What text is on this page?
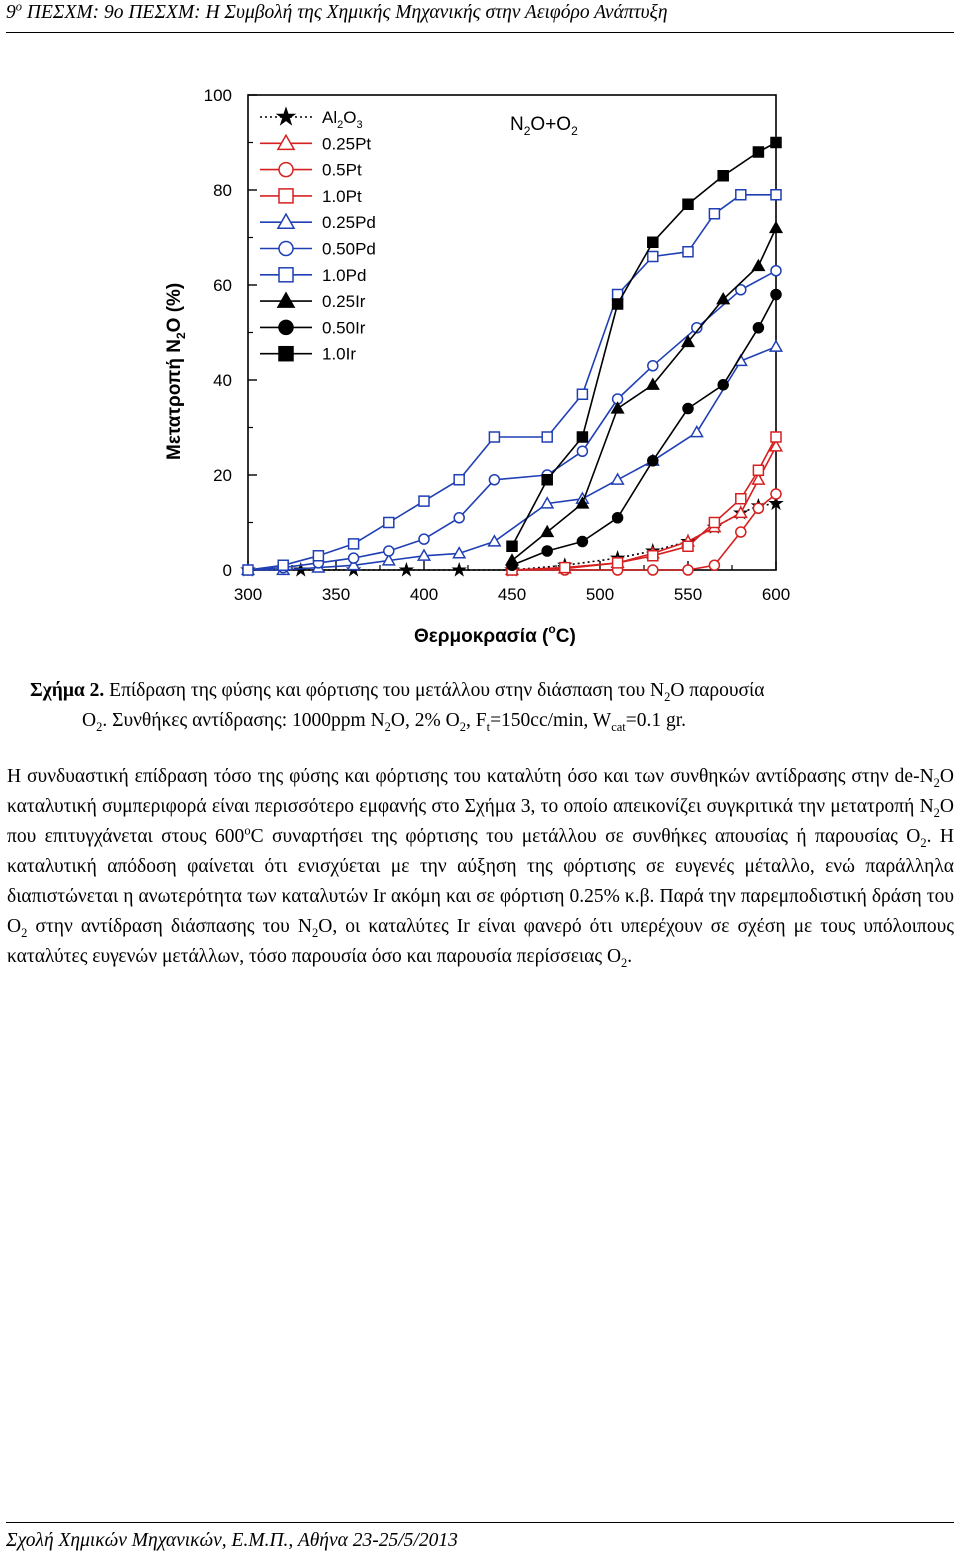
$9^o$ ΠΕΣΧΜ: 9ο ΠΕΣΧΜ: Η Συμβολή της Χημικής Μηχανικής στην Αειφόρο Ανάπτυξη
300	350	400	450	500	550	600
0
20
40
60
80
100
$Al_2O_3$
0.25Pt
0.5Pt
1.0Pt
0.25Pd
0.50Pd
1.0Pd
0.25Ir
0.50Ir
1.0Ir
$N_2O+O_2$
Θερμοκρασία ($^o$C)
Μετατροπή $N_2O$ (%)
Σχήμα 2. Επίδραση της φύσης και φόρτισης του μετάλλου στην διάσπαση του $N_2O$ παρουσία
$O_2$. Συνθήκες αντίδρασης: 1000ppm $N_2O$, 2% $O_2$, $F_t=150cc/\min$, $W_{cat}=0.1$ gr.
Η συνδυαστική επίδραση τόσο της φύσης και φόρτισης του καταλύτη όσο και των συνθηκών αντίδρασης στην $de-N_2O$ καταλυτική συμπεριφορά είναι περισσότερο εμφανής στο Σχήμα 3, το οποίο απεικονίζει συγκριτικά την μετατροπή $N_2O$ που επιτυγχάνεται στους 600$^o$C συναρτήσει της φόρτισης του μετάλλου σε συνθήκες απουσίας ή παρουσίας $O_2$. Η καταλυτική απόδοση φαίνεται ότι ενισχύεται με την αύξηση της φόρτισης σε ευγενές μέταλλο, ενώ παράλληλα διαπιστώνεται η ανωτερότητα των καταλυτών Ir ακόμη και σε φόρτιση 0.25% κ.β. Παρά την παρεμποδιστική δράση του $O_2$ στην αντίδραση διάσπασης του $N_2O$, οι καταλύτες Ir είναι φανερό ότι υπερέχουν σε σχέση με τους υπόλοιπους καταλύτες ευγενών μετάλλων, τόσο παρουσία όσο και παρουσία περίσσειας $O_2$.
Σχολή Χημικών Μηχανικών, Ε.Μ.Π., Αθήνα 23-25/5/2013
